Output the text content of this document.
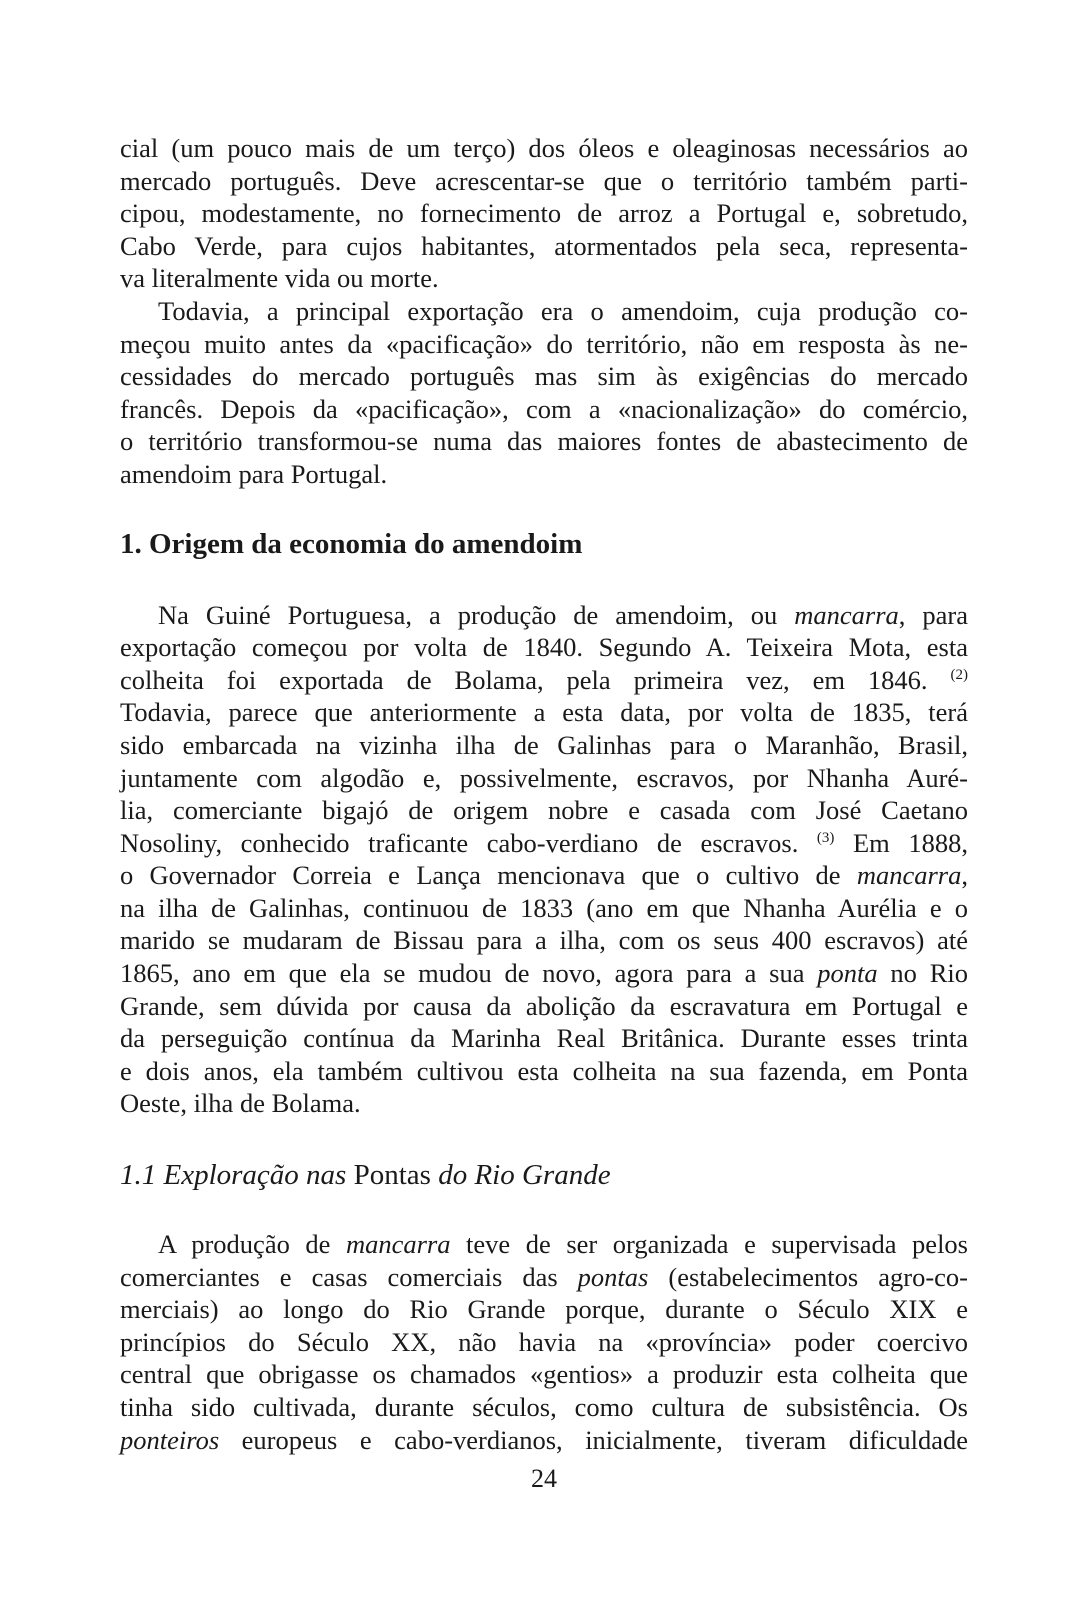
cial (um pouco mais de um terço) dos óleos e oleaginosas necessários ao
mercado português. Deve acrescentar-se que o território também parti-
cipou, modestamente, no fornecimento de arroz a Portugal e, sobretudo,
Cabo Verde, para cujos habitantes, atormentados pela seca, representa-
va literalmente vida ou morte.
Todavia, a principal exportação era o amendoim, cuja produção co-
meçou muito antes da «pacificação» do território, não em resposta às ne-
cessidades do mercado português mas sim às exigências do mercado
francês. Depois da «pacificação», com a «nacionalização» do comércio,
o território transformou-se numa das maiores fontes de abastecimento de
amendoim para Portugal.
1. Origem da economia do amendoim
Na Guiné Portuguesa, a produção de amendoim, ou mancarra, para
exportação começou por volta de 1840. Segundo A. Teixeira Mota, esta
colheita foi exportada de Bolama, pela primeira vez, em 1846. $^{(2)}$
Todavia, parece que anteriormente a esta data, por volta de 1835, terá
sido embarcada na vizinha ilha de Galinhas para o Maranhão, Brasil,
juntamente com algodão e, possivelmente, escravos, por Nhanha Auré-
lia, comerciante bigajó de origem nobre e casada com José Caetano
Nosoliny, conhecido traficante cabo-verdiano de escravos. $^{(3)}$ Em 1888,
o Governador Correia e Lança mencionava que o cultivo de mancarra,
na ilha de Galinhas, continuou de 1833 (ano em que Nhanha Aurélia e o
marido se mudaram de Bissau para a ilha, com os seus 400 escravos) até
1865, ano em que ela se mudou de novo, agora para a sua ponta no Rio
Grande, sem dúvida por causa da abolição da escravatura em Portugal e
da perseguição contínua da Marinha Real Britânica. Durante esses trinta
e dois anos, ela também cultivou esta colheita na sua fazenda, em Ponta
Oeste, ilha de Bolama.
1.1 Exploração nas Pontas do Rio Grande
A produção de mancarra teve de ser organizada e supervisada pelos
comerciantes e casas comerciais das pontas (estabelecimentos agro-co-
merciais) ao longo do Rio Grande porque, durante o Século XIX e
princípios do Século XX, não havia na «província» poder coercivo
central que obrigasse os chamados «gentios» a produzir esta colheita que
tinha sido cultivada, durante séculos, como cultura de subsistência. Os
ponteiros europeus e cabo-verdianos, inicialmente, tiveram dificuldade
24
